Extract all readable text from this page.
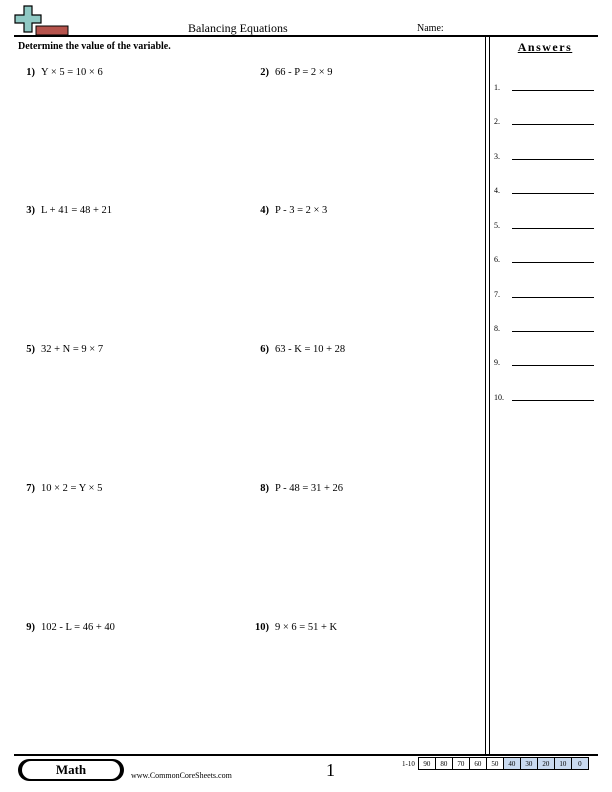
Balancing Equations	Name:
Determine the value of the variable.
1) Y × 5 = 10 × 6	2) 66 - P = 2 × 9
3) L + 41 = 48 + 21	4) P - 3 = 2 × 3
5) 32 + N = 9 × 7	6) 63 - K = 10 + 28
7) 10 × 2 = Y × 5	8) P - 48 = 31 + 26
9) 102 - L = 46 + 40	10) 9 × 6 = 51 + K
Answers
1.
2.
3.
4.
5.
6.
7.
8.
9.
10.
Math	www.CommonCoreSheets.com	1	1-10	90	80	70	60	50	40	30	20	10	0
